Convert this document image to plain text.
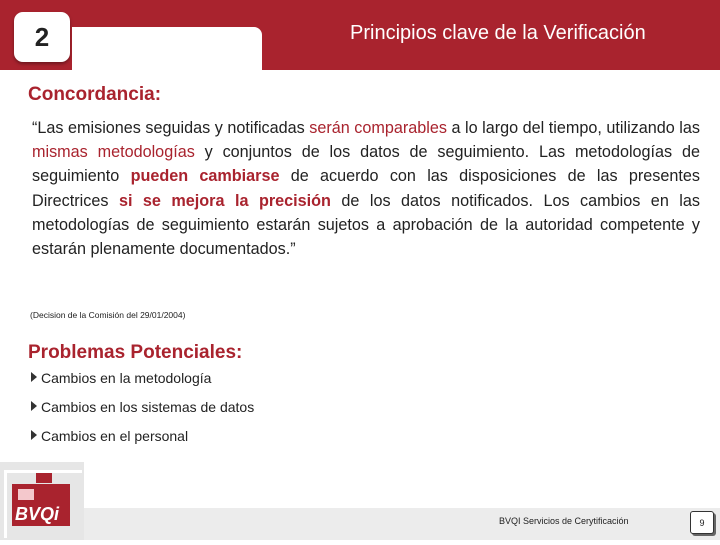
2	Principios clave de la Verificación
Concordancia:
“Las emisiones seguidas y notificadas serán comparables a lo largo del tiempo, utilizando las mismas metodologías y conjuntos de los datos de seguimiento. Las metodologías de seguimiento pueden cambiarse de acuerdo con las disposiciones de las presentes Directrices si se mejora la precisión de los datos notificados. Los cambios en las metodologías de seguimiento estarán sujetos a aprobación de la autoridad competente y estarán plenamente documentados.”
(Decision de la Comisión del 29/01/2004)
Problemas Potenciales:
Cambios en la metodología
Cambios en los sistemas de datos
Cambios en el personal
BVQi	BVQI Servicios de Cerytificación	9
